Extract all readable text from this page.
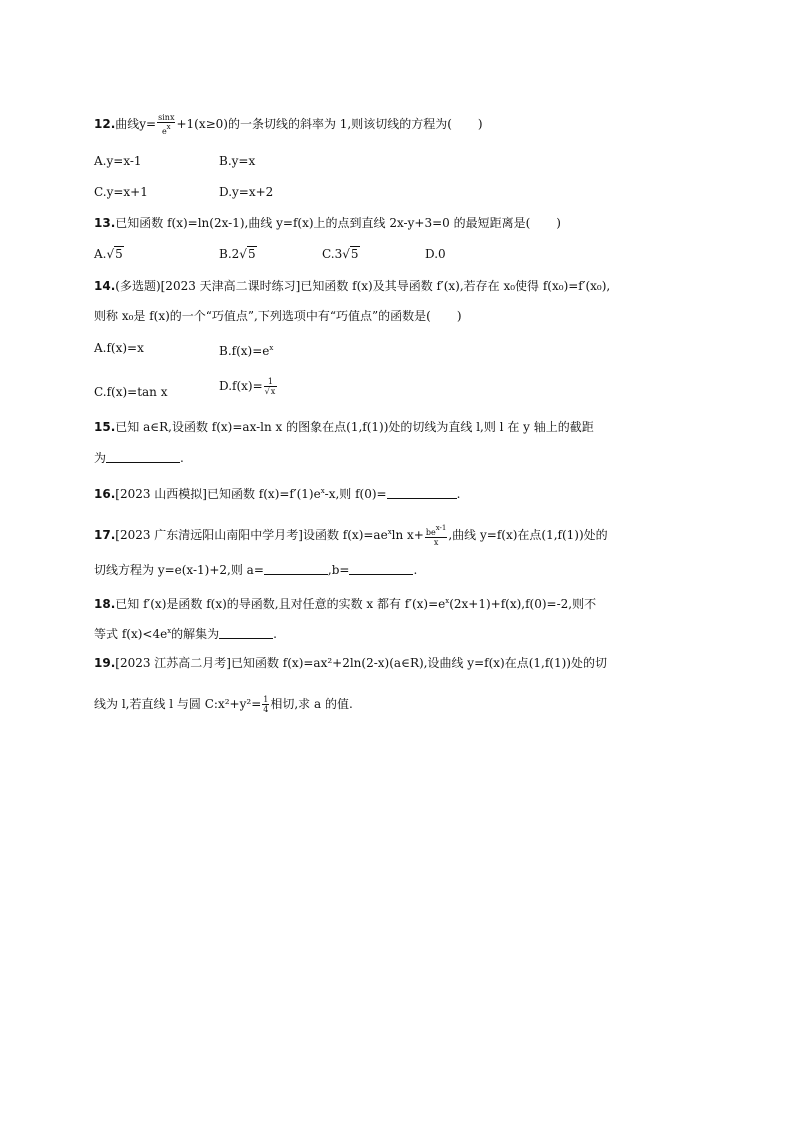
12.曲线$y= \frac{\sin x}{ex} +1(x\ge 0)$的一条切线的斜率为 1,则该切线的方程为( )
A.y=x-1	B.y=x
C.y=x+1	D.y=x+2
13.已知函数 f(x)=ln(2x-1),曲线 y=f(x)上的点到直线 2x-y+3=0 的最短距离是( )
A.√5	B.2√5	C.3√5	D.0
14.(多选题)[2023 天津高二课时练习]已知函数 f(x)及其导函数 f′(x),若存在 x₀使得 f(x₀)=f′(x₀),
则称 x₀是 f(x)的一个“巧值点”,下列选项中有“巧值点”的函数是( )
A.f(x)=x	$B.f(x)=e^x$
C.f(x)=tan x	$D.f(x)= \frac{1}{√x}$
15.已知 a∈R,设函数 f(x)=ax-ln x 的图象在点(1,f(1))处的切线为直线 l,则 l 在 y 轴上的截距
为	.
16.[2023 山西模拟]已知函数 $f(x)=f'(1)e^x-x$,则 f(0)=	.
17.[2023 广东清远阳山南阳中学月考]设函数 $f(x)=ae^x\ln$ $x+ \frac{\text{bex-1}}{x}$ ,曲线 y=f(x)在点(1,f(1))处的
切线方程为 y=e(x-1)+2,则 a=	,b=	.
18.已知 f′(x)是函数 f(x)的导函数,且对任意的实数 x 都有 $f'(x)=e^x(2x+1)+f(x),f(0)=-2$,则不
等式 $f(x)<4e^x$的解集为	.
19.[2023 江苏高二月考]已知函数 f(x)=ax²+2ln(2-x)(a∈R),设曲线 y=f(x)在点(1,f(1))处的切
线为 l,若直线 l 与圆 C:x²+y²= $\frac{1}{4}$ 相切,求 a 的值.
